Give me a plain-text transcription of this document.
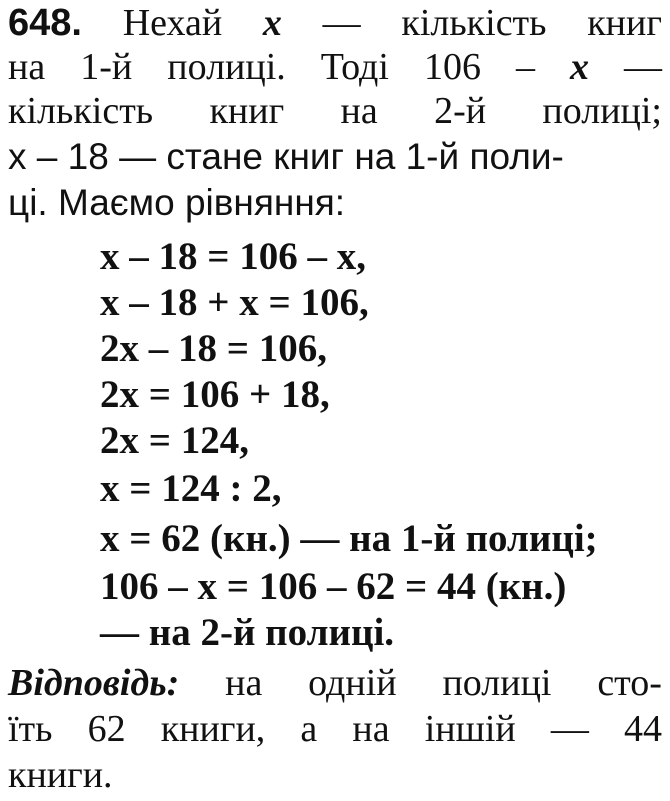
648. Нехай x — кількість книг
на 1-й полиці. Тоді 106 – x —
кількість книг на 2-й полиці;
x – 18 — стане книг на 1-й поли-
ці. Маємо рівняння:
x – 18 = 106 – x,
x – 18 + x = 106,
2x – 18 = 106,
2x = 106 + 18,
2x = 124,
x = 124 : 2,
x = 62 (кн.) — на 1-й полиці;
106 – x = 106 – 62 = 44 (кн.)
— на 2-й полиці.
Відповідь: на одній полиці сто-
їть 62 книги, а на іншій — 44
книги.
